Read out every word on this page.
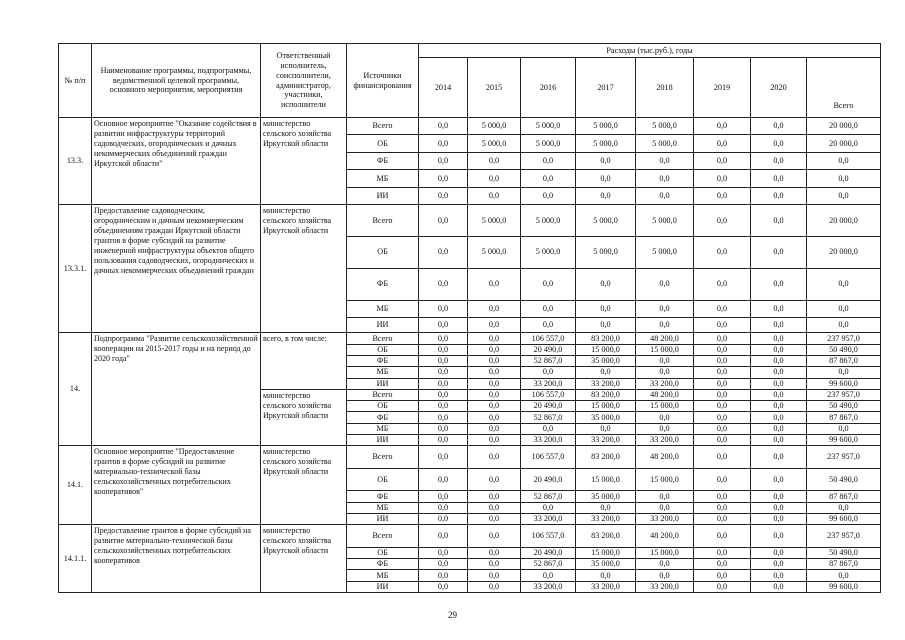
№ п/п	Наименование программы, подпрограммы, ведомственной целевой программы, основного мероприятия, мероприятия	Ответственный исполнитель, соисполнители, администратор, участники, исполнители	Источники финансирования	Расходы (тыс.руб.), годы							
				2014	2015	2016	2017	2018	2019	2020	Всего
13.3.	Основное мероприятие "Оказание содействия в развитии инфраструктуры территорий садоводческих, огороднических и дачных некоммерческих объединений граждан Иркутской области"	министерство сельского хозяйства Иркутской области	Всего	0,0	5 000,0	5 000,0	5 000,0	5 000,0	0,0	0,0	20 000,0
			ОБ	0,0	5 000,0	5 000,0	5 000,0	5 000,0	0,0	0,0	20 000,0
			ФБ	0,0	0,0	0,0	0,0	0,0	0,0	0,0	0,0
			МБ	0,0	0,0	0,0	0,0	0,0	0,0	0,0	0,0
			ИИ	0,0	0,0	0,0	0,0	0,0	0,0	0,0	0,0
13.3.1.	Предоставление садоводческим, огородническим и дачным некоммерческим объединениям граждан Иркутской области грантов в форме субсидий на развитие инженерной инфраструктуры объектов общего пользования садоводческих, огороднических и дачных некоммерческих объединений граждан	министерство сельского хозяйства Иркутской области	Всего	0,0	5 000,0	5 000,0	5 000,0	5 000,0	0,0	0,0	20 000,0
			ОБ	0,0	5 000,0	5 000,0	5 000,0	5 000,0	0,0	0,0	20 000,0
			ФБ	0,0	0,0	0,0	0,0	0,0	0,0	0,0	0,0
			МБ	0,0	0,0	0,0	0,0	0,0	0,0	0,0	0,0
			ИИ	0,0	0,0	0,0	0,0	0,0	0,0	0,0	0,0
14.	Подпрограмма "Развитие сельскохозяйственной кооперации на 2015-2017 годы и на период до 2020 года"	всего, в том числе:	Всего	0,0	0,0	106 557,0	83 200,0	48 200,0	0,0	0,0	237 957,0
			ОБ	0,0	0,0	20 490,0	15 000,0	15 000,0	0,0	0,0	50 490,0
			ФБ	0,0	0,0	52 867,0	35 000,0	0,0	0,0	0,0	87 867,0
			МБ	0,0	0,0	0,0	0,0	0,0	0,0	0,0	0,0
			ИИ	0,0	0,0	33 200,0	33 200,0	33 200,0	0,0	0,0	99 600,0
		министерство сельского хозяйства Иркутской области	Всего	0,0	0,0	106 557,0	83 200,0	48 200,0	0,0	0,0	237 957,0
			ОБ	0,0	0,0	20 490,0	15 000,0	15 000,0	0,0	0,0	50 490,0
			ФБ	0,0	0,0	52 867,0	35 000,0	0,0	0,0	0,0	87 867,0
			МБ	0,0	0,0	0,0	0,0	0,0	0,0	0,0	0,0
			ИИ	0,0	0,0	33 200,0	33 200,0	33 200,0	0,0	0,0	99 600,0
14.1.	Основное мероприятие "Предоставление грантов в форме субсидий на развитие материально-технической базы сельскохозяйственных потребительских кооперативов"	министерство сельского хозяйства Иркутской области	Всего	0,0	0,0	106 557,0	83 200,0	48 200,0	0,0	0,0	237 957,0
			ОБ	0,0	0,0	20 490,0	15 000,0	15 000,0	0,0	0,0	50 490,0
			ФБ	0,0	0,0	52 867,0	35 000,0	0,0	0,0	0,0	87 867,0
			МБ	0,0	0,0	0,0	0,0	0,0	0,0	0,0	0,0
			ИИ	0,0	0,0	33 200,0	33 200,0	33 200,0	0,0	0,0	99 600,0
14.1.1.	Предоставление грантов в форме субсидий на развитие материально-технической базы сельскохозяйственных потребительских кооперативов	министерство сельского хозяйства Иркутской области	Всего	0,0	0,0	106 557,0	83 200,0	48 200,0	0,0	0,0	237 957,0
			ОБ	0,0	0,0	20 490,0	15 000,0	15 000,0	0,0	0,0	50 490,0
			ФБ	0,0	0,0	52 867,0	35 000,0	0,0	0,0	0,0	87 867,0
			МБ	0,0	0,0	0,0	0,0	0,0	0,0	0,0	0,0
			ИИ	0,0	0,0	33 200,0	33 200,0	33 200,0	0,0	0,0	99 600,0
29
